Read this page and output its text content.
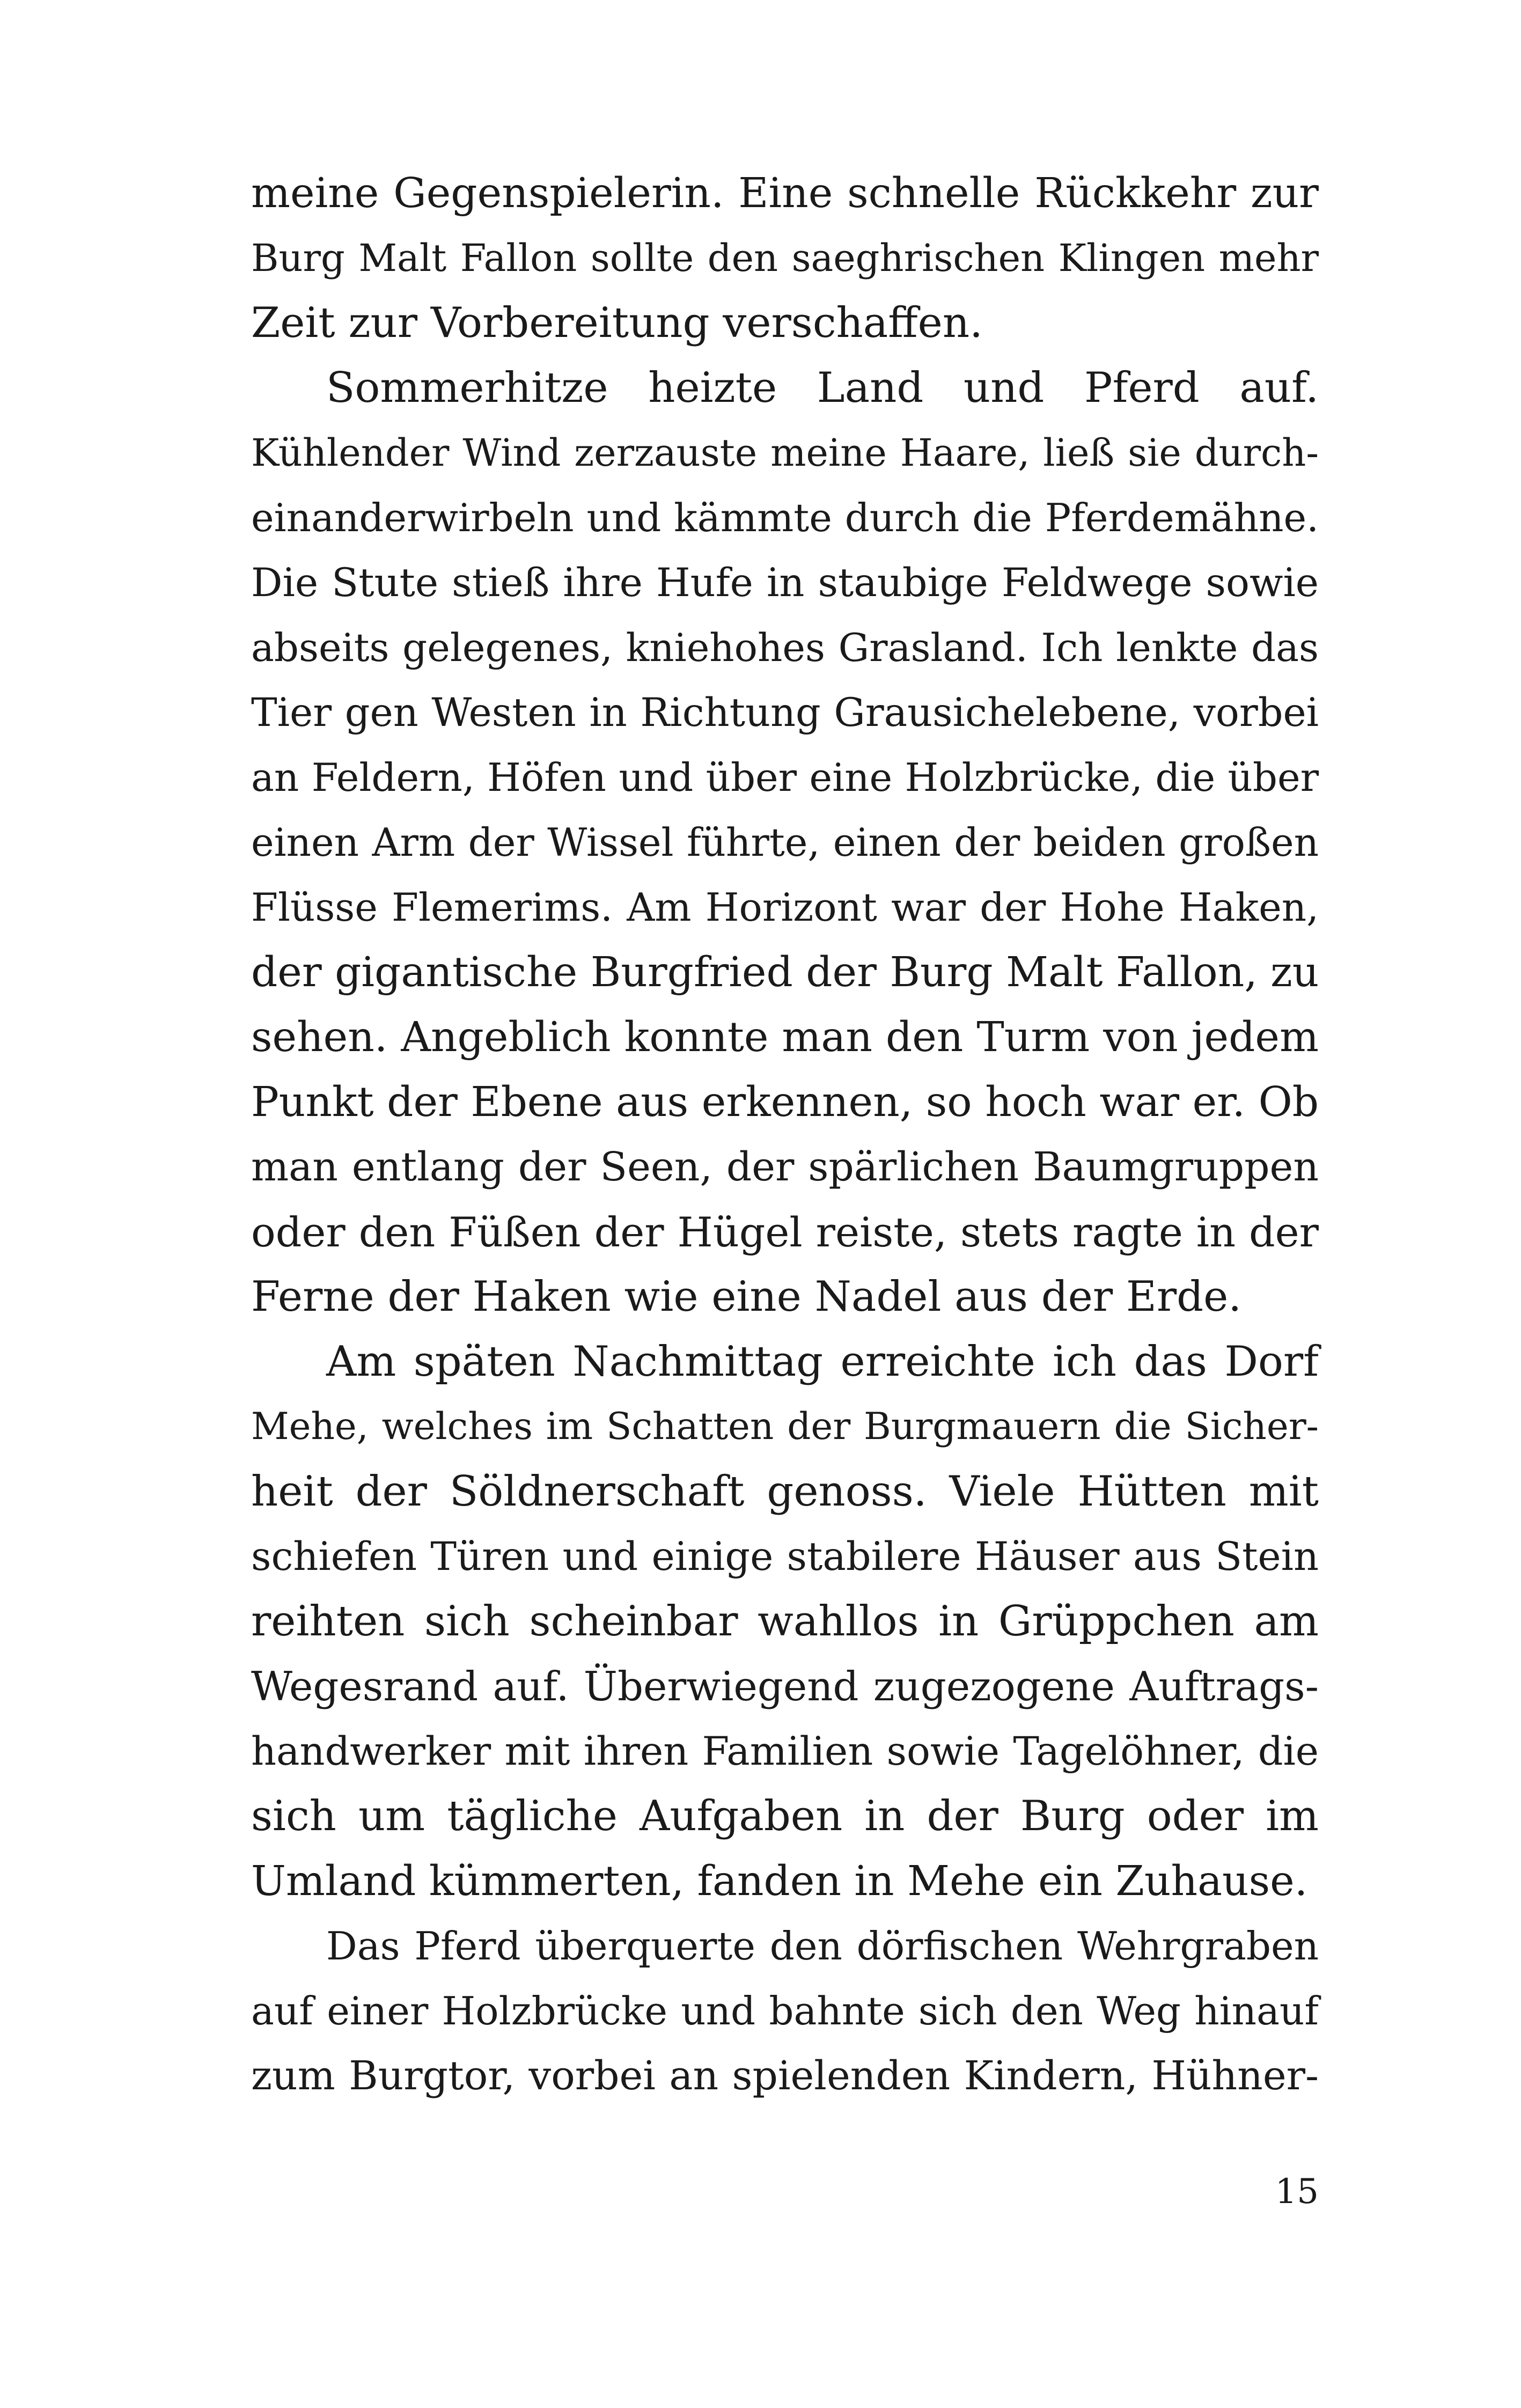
meine Gegenspielerin. Eine schnelle Rückkehr zur
Burg Malt Fallon sollte den saeghrischen Klingen mehr
Zeit zur Vorbereitung verschaffen.
Sommerhitze heizte Land und Pferd auf.
Kühlender Wind zerzauste meine Haare, ließ sie durch-
einanderwirbeln und kämmte durch die Pferdemähne.
Die Stute stieß ihre Hufe in staubige Feldwege sowie
abseits gelegenes, kniehohes Grasland. Ich lenkte das
Tier gen Westen in Richtung Grausichelebene, vorbei
an Feldern, Höfen und über eine Holzbrücke, die über
einen Arm der Wissel führte, einen der beiden großen
Flüsse Flemerims. Am Horizont war der Hohe Haken,
der gigantische Burgfried der Burg Malt Fallon, zu
sehen. Angeblich konnte man den Turm von jedem
Punkt der Ebene aus erkennen, so hoch war er. Ob
man entlang der Seen, der spärlichen Baumgruppen
oder den Füßen der Hügel reiste, stets ragte in der
Ferne der Haken wie eine Nadel aus der Erde.
Am späten Nachmittag erreichte ich das Dorf
Mehe, welches im Schatten der Burgmauern die Sicher-
heit der Söldnerschaft genoss. Viele Hütten mit
schiefen Türen und einige stabilere Häuser aus Stein
reihten sich scheinbar wahllos in Grüppchen am
Wegesrand auf. Überwiegend zugezogene Auftrags-
handwerker mit ihren Familien sowie Tagelöhner, die
sich um tägliche Aufgaben in der Burg oder im
Umland kümmerten, fanden in Mehe ein Zuhause.
Das Pferd überquerte den dörfischen Wehrgraben
auf einer Holzbrücke und bahnte sich den Weg hinauf
zum Burgtor, vorbei an spielenden Kindern, Hühner-
15
